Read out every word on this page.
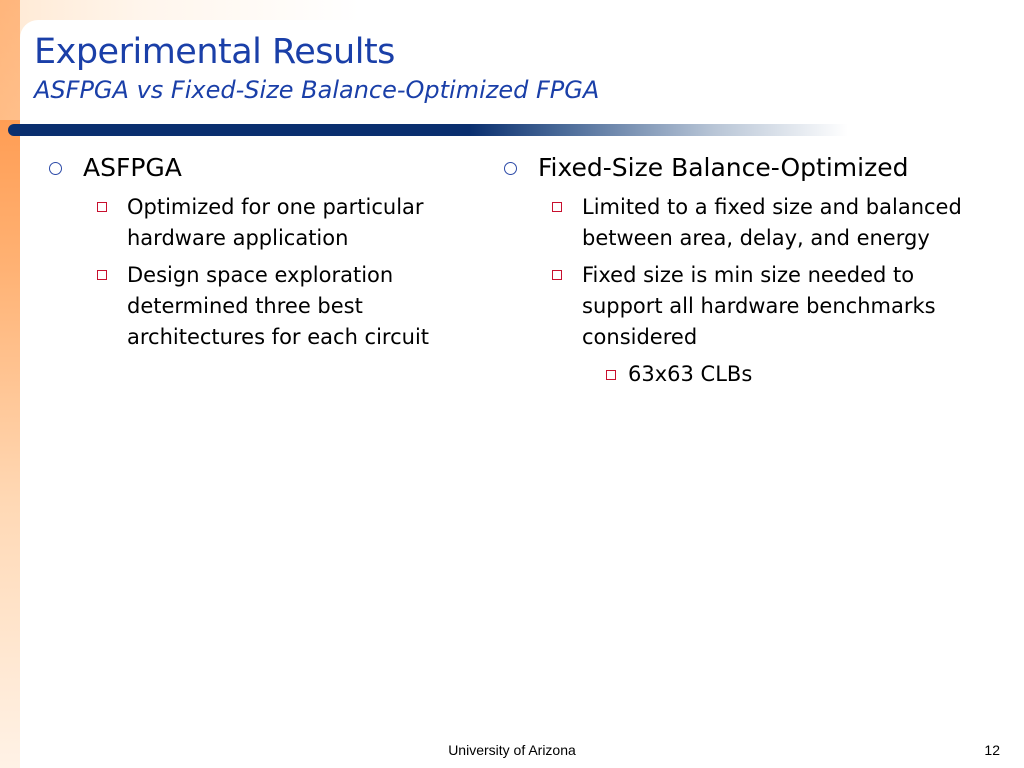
Experimental Results
ASFPGA vs Fixed-Size Balance-Optimized FPGA
ASFPGA
Optimized for one particular hardware application
Design space exploration determined three best architectures for each circuit
Fixed-Size Balance-Optimized
Limited to a fixed size and balanced between area, delay, and energy
Fixed size is min size needed to support all hardware benchmarks considered
63x63 CLBs
University of Arizona	12
